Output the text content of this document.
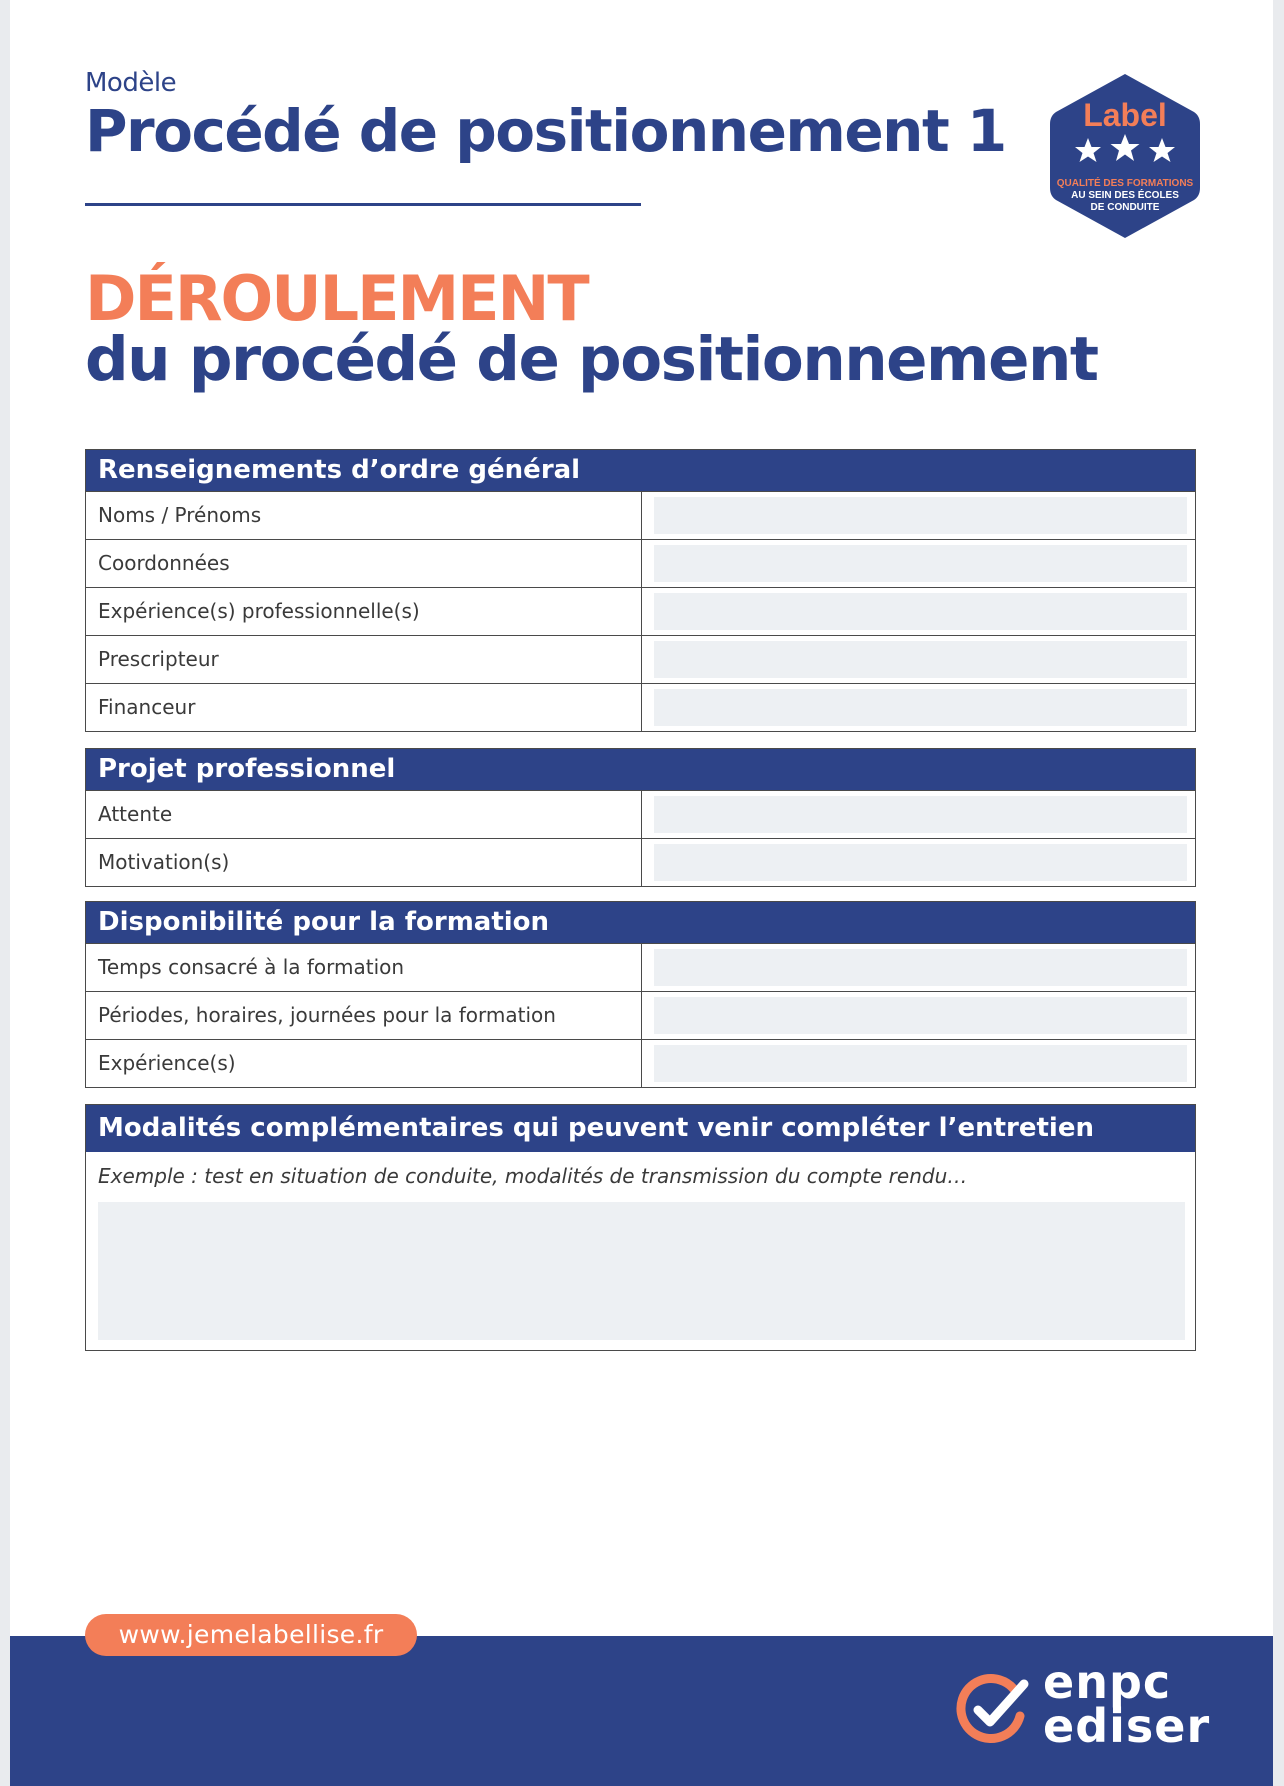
Modèle
Procédé de positionnement 1 Label
QUALITÉ DES FORMATIONS
AU SEIN DES ÉCOLES
DE CONDUITE
DÉROULEMENT
du procédé de positionnement
Renseignements d’ordre général
Noms / Prénoms
Coordonnées
Expérience(s) professionnelle(s)
Prescripteur
Financeur
Projet professionnel
Attente
Motivation(s)
Disponibilité pour la formation
Temps consacré à la formation
Périodes, horaires, journées pour la formation
Expérience(s)
Modalités complémentaires qui peuvent venir compléter l’entretien
Exemple : test en situation de conduite, modalités de transmission du compte rendu…
www.jemelabellise.fr
enpc
ediser
